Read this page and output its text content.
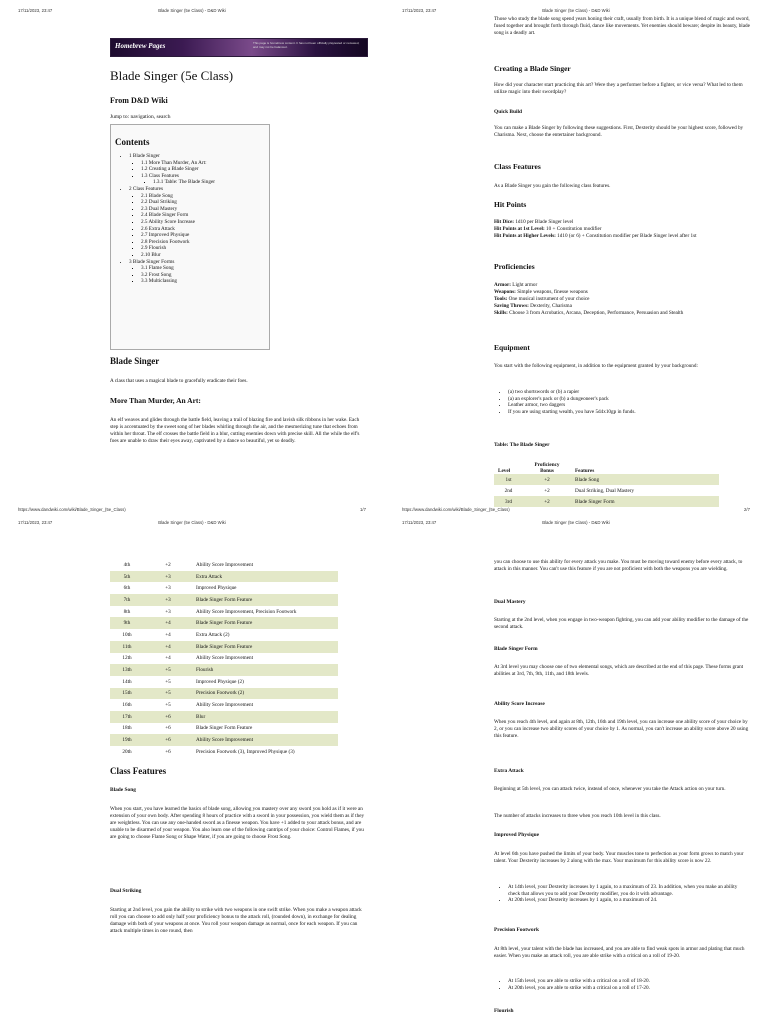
17/11/2023, 23:47	Blade Singer (5e Class) - D&D Wiki
Homebrew Pages	This page is homebrew content. It has not been officially playtested or reviewed, and may not be balanced.
Blade Singer (5e Class)
From D&D Wiki
Jump to: navigation, search
Contents
• 1 Blade Singer
▪ 1.1 More Than Murder, An Art:
▪ 1.2 Creating a Blade Singer
▪ 1.3 Class Features
▪ 1.3.1 Table: The Blade Singer
• 2 Class Features
▪ 2.1 Blade Song
▪ 2.2 Dual Striking
▪ 2.3 Dual Mastery
▪ 2.4 Blade Singer Form
▪ 2.5 Ability Score Increase
▪ 2.6 Extra Attack
▪ 2.7 Improved Physique
▪ 2.8 Precision Footwork
▪ 2.9 Flourish
▪ 2.10 Blur
• 3 Blade Singer Forms
▪ 3.1 Flame Song
▪ 3.2 Frost Song
▪ 3.3 Multiclassing
Blade Singer
A class that uses a magical blade to gracefully eradicate their foes.
More Than Murder, An Art:
An elf weaves and glides through the battle field, leaving a trail of blazing fire and lavish silk ribbons in her wake. Each step is accentuated by the sweet song of her blades whirling through the air, and the mesmerizing tune that echoes from within her throat. The elf crosses the battle field in a blur, cutting enemies down with precise skill. All the while the elf's foes are unable to draw their eyes away, captivated by a dance so beautiful, yet so deadly.
https://www.dandwiki.com/wiki/Blade_Singer_(5e_Class)	1/7
17/11/2023, 23:47	Blade Singer (5e Class) - D&D Wiki
Those who study the blade song spend years honing their craft, usually from birth. It is a unique blend of magic and sword, fused together and brought forth through fluid, dance like movements. Yet enemies should beware; despite its beauty, blade song is a deadly art.
Creating a Blade Singer
How did your character start practicing this art? Were they a performer before a fighter, or vice versa? What led to them utilize magic into their swordplay?
Quick Build
You can make a Blade Singer by following these suggestions. First, Dexterity should be your highest score, followed by Charisma. Next, choose the entertainer background.
Class Features
As a Blade Singer you gain the following class features.
Hit Points
Hit Dice: 1d10 per Blade Singer level
Hit Points at 1st Level: 10 + Constitution modifier
Hit Points at Higher Levels: 1d10 (or 6) + Constitution modifier per Blade Singer level after 1st
Proficiencies
Armor: Light armor
Weapons: Simple weapons, finesse weapons
Tools: One musical instrument of your choice
Saving Throws: Dexterity, Charisma
Skills: Choose 3 from Acrobatics, Arcana, Deception, Performance, Persuasion and Stealth
Equipment
You start with the following equipment, in addition to the equipment granted by your background:
• (a) two shortswords or (b) a rapier
• (a) an explorer's pack or (b) a dungeoneer's pack
• Leather armor, two daggers
• If you are using starting wealth, you have 5d4x10gp in funds.
Table: The Blade Singer
Level	Proficiency Bonus	Features
1st	+2	Blade Song
2nd	+2	Dual Striking, Dual Mastery
3rd	+2	Blade Singer Form
https://www.dandwiki.com/wiki/Blade_Singer_(5e_Class)	2/7
17/11/2023, 23:47	Blade Singer (5e Class) - D&D Wiki
4th	+2	Ability Score Improvement
5th	+3	Extra Attack
6th	+3	Improved Physique
7th	+3	Blade Singer Form Feature
8th	+3	Ability Score Improvement, Precision Footwork
9th	+4	Blade Singer Form Feature
10th	+4	Extra Attack (2)
11th	+4	Blade Singer Form Feature
12th	+4	Ability Score Improvement
13th	+5	Flourish
14th	+5	Improved Physique (2)
15th	+5	Precision Footwork (2)
16th	+5	Ability Score Improvement
17th	+6	Blur
18th	+6	Blade Singer Form Feature
19th	+6	Ability Score Improvement
20th	+6	Precision Footwork (3), Improved Physique (3)
Class Features
Blade Song
When you start, you have learned the basics of blade song, allowing you mastery over any sword you hold as if it were an extension of your own body. After spending 8 hours of practice with a sword in your possession, you wield them as if they are weightless. You can use any one-handed sword as a finesse weapon. You have +1 added to your attack bonus, and are unable to be disarmed of your weapon. You also learn one of the following cantrips of your choice: Control Flames, if you are going to choose Flame Song or Shape Water, if you are going to choose Frost Song.
Dual Striking
Starting at 2nd level, you gain the ability to strike with two weapons in one swift strike. When you make a weapon attack roll you can choose to add only half your proficiency bonus to the attack roll, (rounded down), in exchange for dealing damage with both of your weapons at once. You roll your weapon damage as normal, once for each weapon. If you can attack multiple times in one round, then
17/11/2023, 23:47	Blade Singer (5e Class) - D&D Wiki
you can choose to use this ability for every attack you make. You must be moving toward enemy before every attack, to attack in this manner. You can't use this feature if you are not proficient with both the weapons you are wielding.
Dual Mastery
Starting at the 2nd level, when you engage in two-weapon fighting, you can add your ability modifier to the damage of the second attack.
Blade Singer Form
At 3rd level you may choose one of two elemental songs, which are described at the end of this page. These forms grant abilities at 3rd, 7th, 9th, 11th, and 18th levels.
Ability Score Increase
When you reach 4th level, and again at 8th, 12th, 16th and 19th level, you can increase one ability score of your choice by 2, or you can increase two ability scores of your choice by 1. As normal, you can't increase an ability score above 20 using this feature.
Extra Attack
Beginning at 5th level, you can attack twice, instead of once, whenever you take the Attack action on your turn.
The number of attacks increases to three when you reach 10th level in this class.
Improved Physique
At level 6th you have pushed the limits of your body. Your muscles tone to perfection as your form grows to match your talent. Your Dexterity increases by 2 along with the max. Your maximum for this ability score is now 22.
• At 14th level, your Dexterity increases by 1 again, to a maximum of 23. In addition, when you make an ability check that allows you to add your Dexterity modifier, you do it with advantage.
• At 20th level, your Dexterity increases by 1 again, to a maximum of 24.
Precision Footwork
At 8th level, your talent with the blade has increased, and you are able to find weak spots in armor and plating that much easier. When you make an attack roll, you are able strike with a critical on a roll of 19-20.
• At 15th level, you are able to strike with a critical on a roll of 18-20.
• At 20th level, you are able to strike with a critical on a roll of 17-20.
Flourish
